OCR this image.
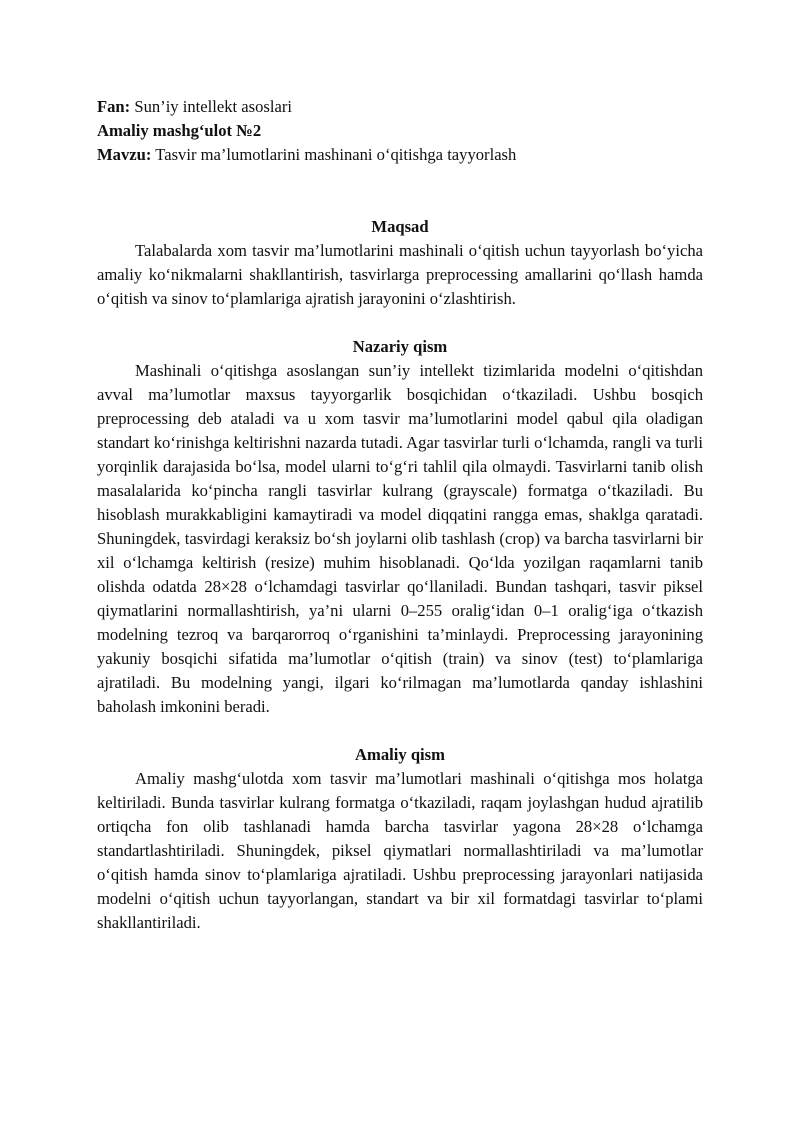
Fan: Sun’iy intellekt asoslari

Amaliy mashg‘ulot №2

Mavzu: Tasvir ma’lumotlarini mashinani o‘qitishga tayyorlash

Maqsad

Talabalarda xom tasvir ma’lumotlarini mashinali o‘qitish uchun tayyorlash bo‘yicha amaliy ko‘nikmalarni shakllantirish, tasvirlarga preprocessing amallarini qo‘llash hamda o‘qitish va sinov to‘plamlariga ajratish jarayonini o‘zlashtirish.

Nazariy qism

Mashinali o‘qitishga asoslangan sun’iy intellekt tizimlarida modelni o‘qitishdan avval ma’lumotlar maxsus tayyorgarlik bosqichidan o‘tkaziladi. Ushbu bosqich preprocessing deb ataladi va u xom tasvir ma’lumotlarini model qabul qila oladigan standart ko‘rinishga keltirishni nazarda tutadi. Agar tasvirlar turli o‘lchamda, rangli va turli yorqinlik darajasida bo‘lsa, model ularni to‘g‘ri tahlil qila olmaydi. Tasvirlarni tanib olish masalalarida ko‘pincha rangli tasvirlar kulrang (grayscale) formatga o‘tkaziladi. Bu hisoblash murakkabligini kamaytiradi va model diqqatini rangga emas, shaklga qaratadi. Shuningdek, tasvirdagi keraksiz bo‘sh joylarni olib tashlash (crop) va barcha tasvirlarni bir xil o‘lchamga keltirish (resize) muhim hisoblanadi. Qo‘lda yozilgan raqamlarni tanib olishda odatda 28×28 o‘lchamdagi tasvirlar qo‘llaniladi. Bundan tashqari, tasvir piksel qiymatlarini normallashtirish, ya’ni ularni 0–255 oralig‘idan 0–1 oralig‘iga o‘tkazish modelning tezroq va barqarorroq o‘rganishini ta’minlaydi. Preprocessing jarayonining yakuniy bosqichi sifatida ma’lumotlar o‘qitish (train) va sinov (test) to‘plamlariga ajratiladi. Bu modelning yangi, ilgari ko‘rilmagan ma’lumotlarda qanday ishlashini baholash imkonini beradi.

Amaliy qism

Amaliy mashg‘ulotda xom tasvir ma’lumotlari mashinali o‘qitishga mos holatga keltiriladi. Bunda tasvirlar kulrang formatga o‘tkaziladi, raqam joylashgan hudud ajratilib ortiqcha fon olib tashlanadi hamda barcha tasvirlar yagona 28×28 o‘lchamga standartlashtiriladi. Shuningdek, piksel qiymatlari normallashtiriladi va ma’lumotlar o‘qitish hamda sinov to‘plamlariga ajratiladi. Ushbu preprocessing jarayonlari natijasida modelni o‘qitish uchun tayyorlangan, standart va bir xil formatdagi tasvirlar to‘plami shakllantiriladi.
